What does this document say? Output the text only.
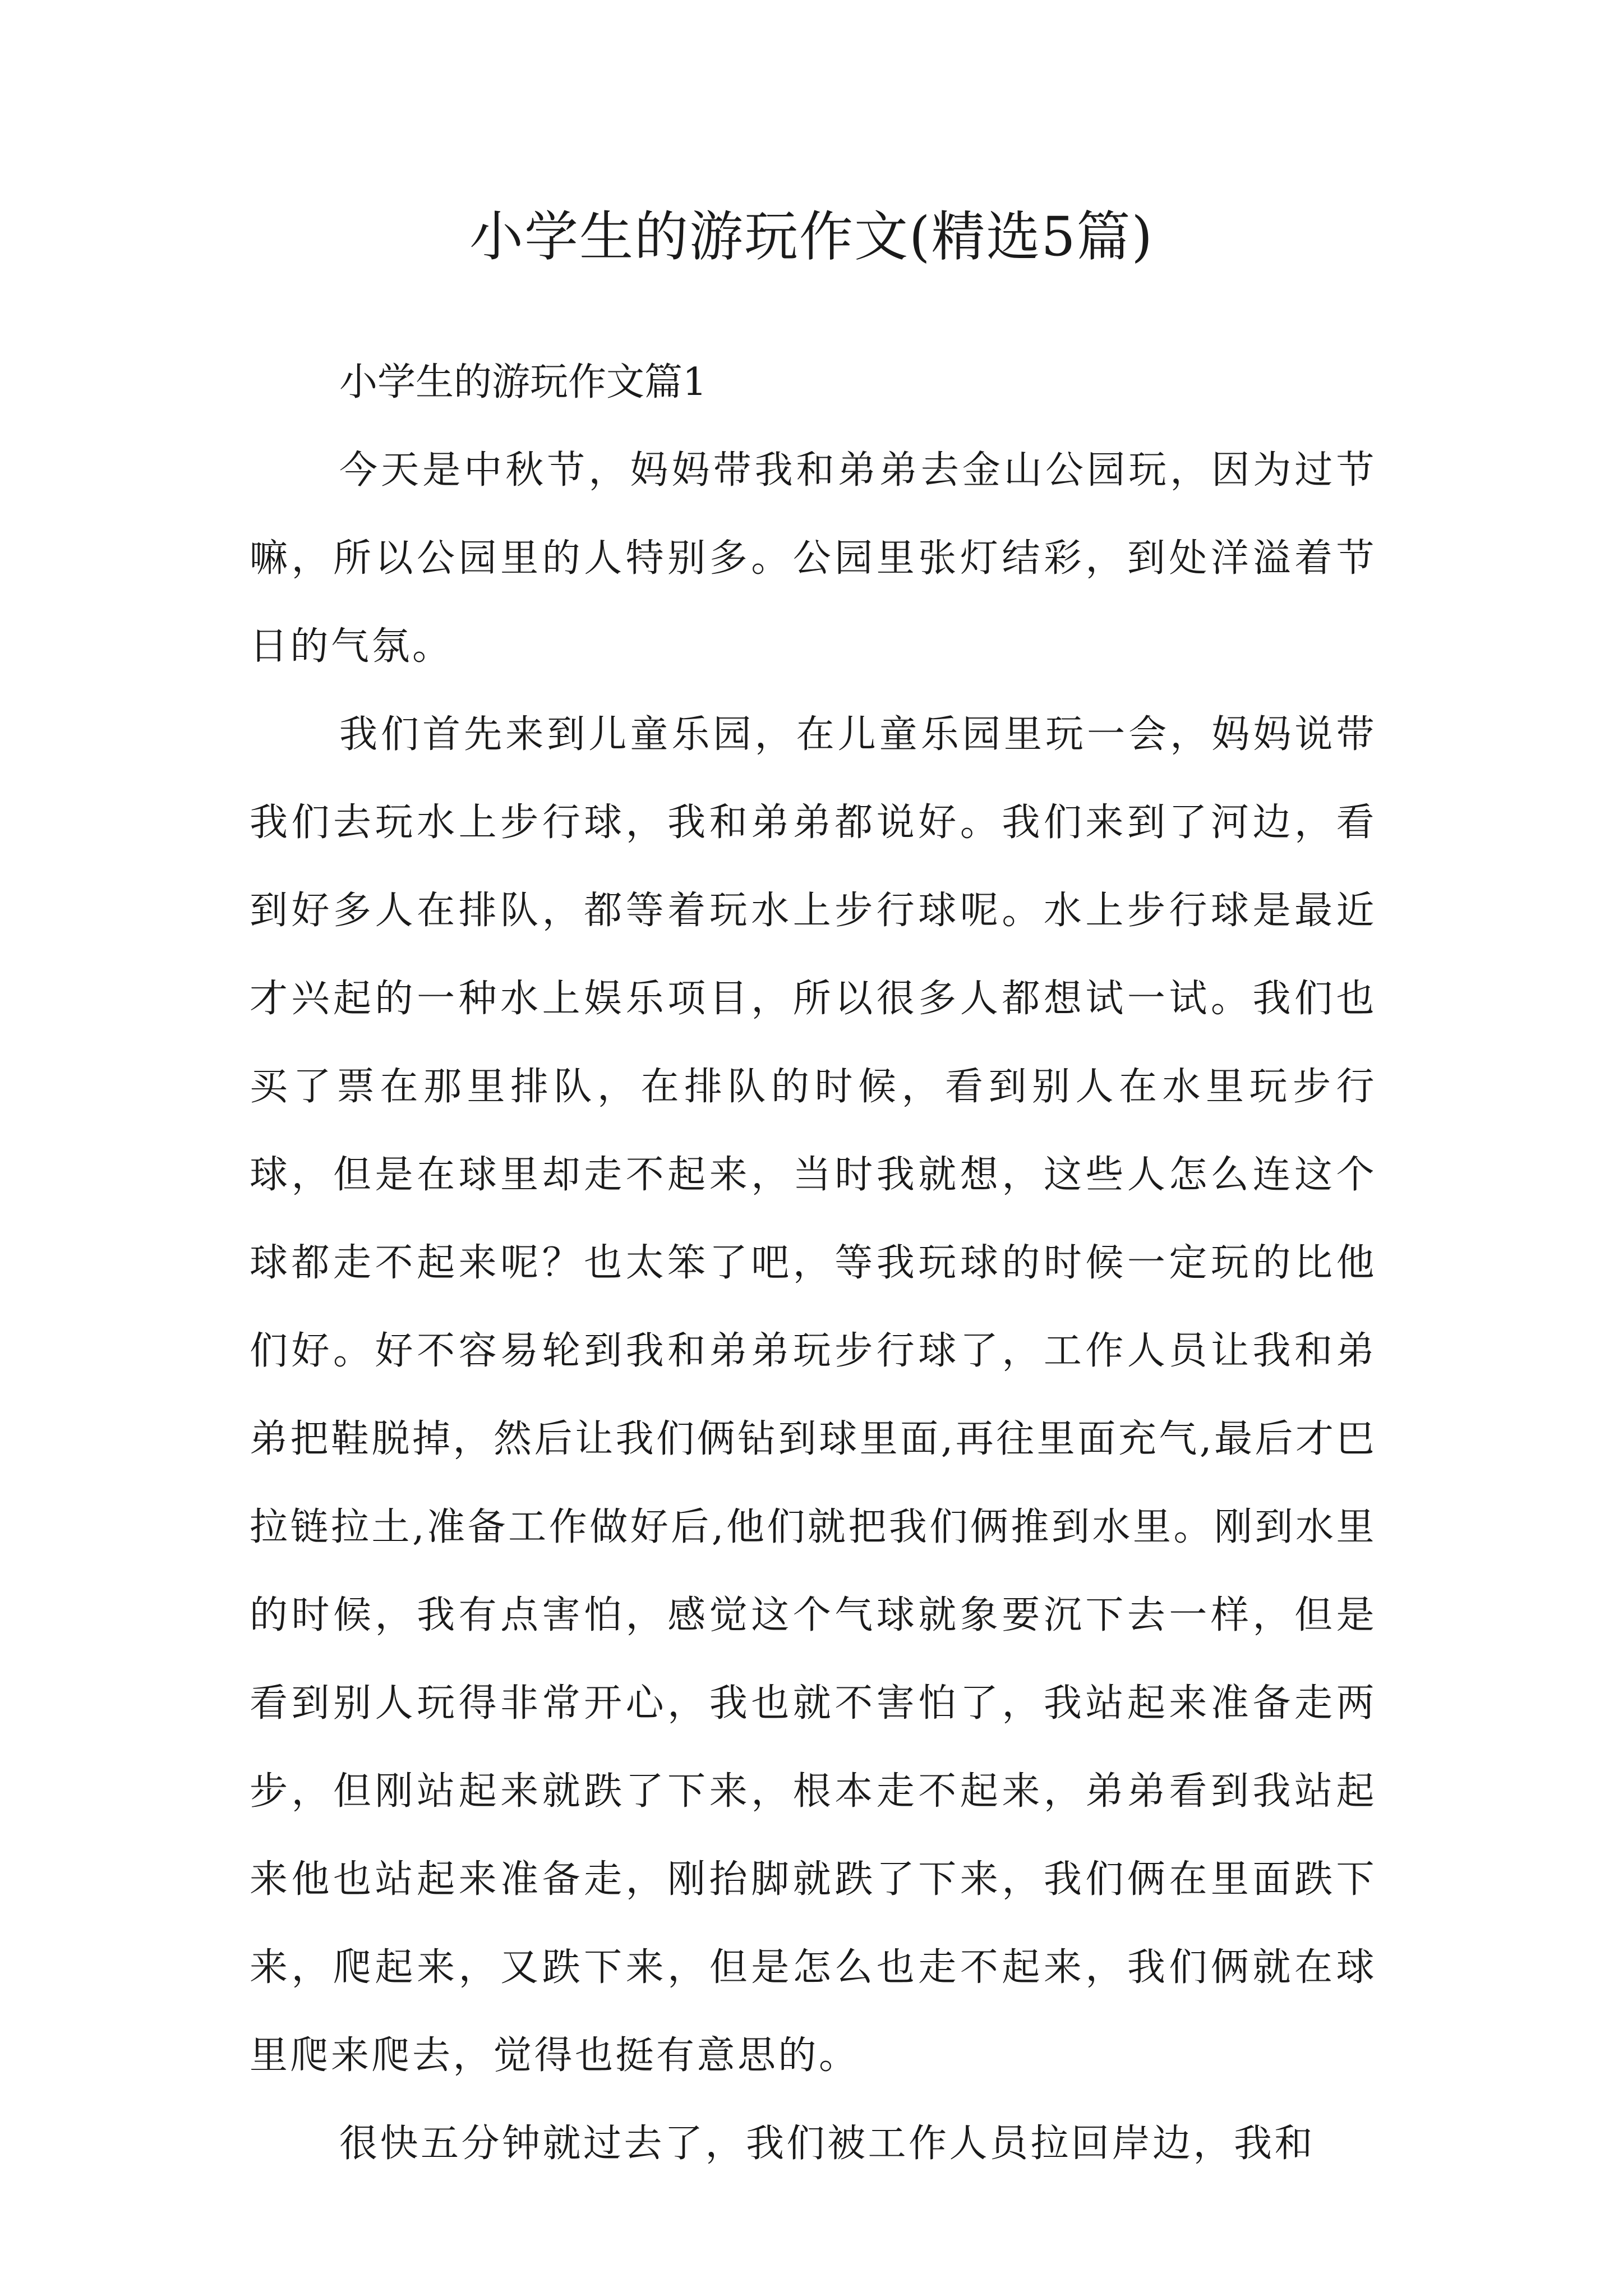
小学生的游玩作文(精选5篇)

小学生的游玩作文篇1

今天是中秋节，妈妈带我和弟弟去金山公园玩，因为过节嘛，所以公园里的人特别多。公园里张灯结彩，到处洋溢着节日的气氛。

我们首先来到儿童乐园，在儿童乐园里玩一会，妈妈说带我们去玩水上步行球，我和弟弟都说好。我们来到了河边，看到好多人在排队，都等着玩水上步行球呢。水上步行球是最近才兴起的一种水上娱乐项目，所以很多人都想试一试。我们也买了票在那里排队，在排队的时候，看到别人在水里玩步行球，但是在球里却走不起来，当时我就想，这些人怎么连这个球都走不起来呢？也太笨了吧，等我玩球的时候一定玩的比他们好。好不容易轮到我和弟弟玩步行球了，工作人员让我和弟弟把鞋脱掉，然后让我们俩钻到球里面,再往里面充气,最后才巴拉链拉土,准备工作做好后,他们就把我们俩推到水里。刚到水里的时候，我有点害怕，感觉这个气球就象要沉下去一样，但是看到别人玩得非常开心，我也就不害怕了，我站起来准备走两步，但刚站起来就跌了下来，根本走不起来，弟弟看到我站起来他也站起来准备走，刚抬脚就跌了下来，我们俩在里面跌下来，爬起来，又跌下来，但是怎么也走不起来，我们俩就在球里爬来爬去，觉得也挺有意思的。

很快五分钟就过去了，我们被工作人员拉回岸边，我和
